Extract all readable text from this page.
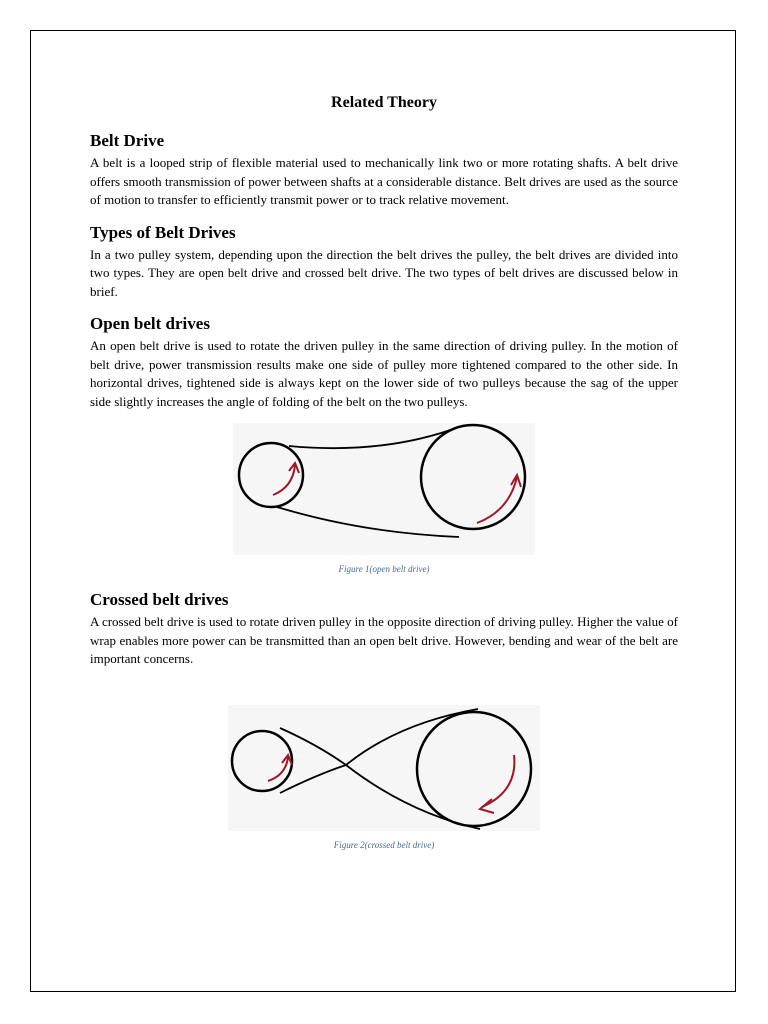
Related Theory
Belt Drive

A belt is a looped strip of flexible material used to mechanically link two or more rotating shafts. A belt drive offers smooth transmission of power between shafts at a considerable distance. Belt drives are used as the source of motion to transfer to efficiently transmit power or to track relative movement.

Types of Belt Drives

In a two pulley system, depending upon the direction the belt drives the pulley, the belt drives are divided into two types. They are open belt drive and crossed belt drive. The two types of belt drives are discussed below in brief.

Open belt drives

An open belt drive is used to rotate the driven pulley in the same direction of driving pulley. In the motion of belt drive, power transmission results make one side of pulley more tightened compared to the other side. In horizontal drives, tightened side is always kept on the lower side of two pulleys because the sag of the upper side slightly increases the angle of folding of the belt on the two pulleys.

Figure 1(open belt drive)
Crossed belt drives

A crossed belt drive is used to rotate driven pulley in the opposite direction of driving pulley. Higher the value of wrap enables more power can be transmitted than an open belt drive. However, bending and wear of the belt are important concerns.

Figure 2(crossed belt drive)
